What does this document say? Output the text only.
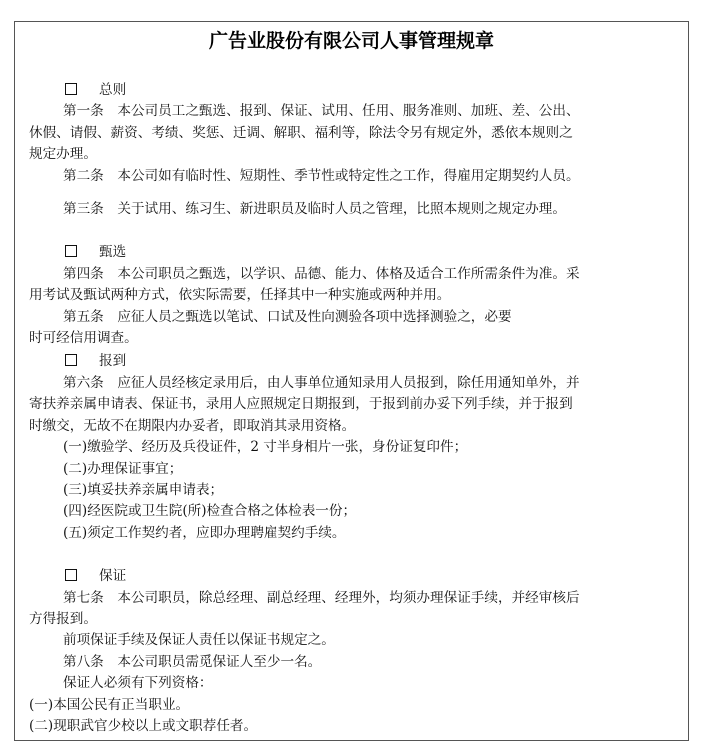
广告业股份有限公司人事管理规章
总则
第一条　本公司员工之甄选、报到、保证、试用、任用、服务准则、加班、差、公出、
休假、请假、薪资、考绩、奖惩、迁调、解职、福利等，除法令另有规定外，悉依本规则之
规定办理。
第二条　本公司如有临时性、短期性、季节性或特定性之工作，得雇用定期契约人员。
第三条　关于试用、练习生、新进职员及临时人员之管理，比照本规则之规定办理。
甄选
第四条　本公司职员之甄选，以学识、品德、能力、体格及适合工作所需条件为准。采
用考试及甄试两种方式，依实际需要，任择其中一种实施或两种并用。
第五条　应征人员之甄选以笔试、口试及性向测验各项中选择测验之，必要
时可经信用调查。
报到
第六条　应征人员经核定录用后，由人事单位通知录用人员报到，除任用通知单外，并
寄扶养亲属申请表、保证书，录用人应照规定日期报到，于报到前办妥下列手续，并于报到
时缴交，无故不在期限内办妥者，即取消其录用资格。
(一)缴验学、经历及兵役证件，2 寸半身相片一张，身份证复印件；
(二)办理保证事宜；
(三)填妥扶养亲属申请表；
(四)经医院或卫生院(所)检查合格之体检表一份；
(五)须定工作契约者，应即办理聘雇契约手续。
保证
第七条　本公司职员，除总经理、副总经理、经理外，均须办理保证手续，并经审核后
方得报到。
前项保证手续及保证人责任以保证书规定之。
第八条　本公司职员需觅保证人至少一名。
保证人必须有下列资格：
(一)本国公民有正当职业。
(二)现职武官少校以上或文职荐任者。
